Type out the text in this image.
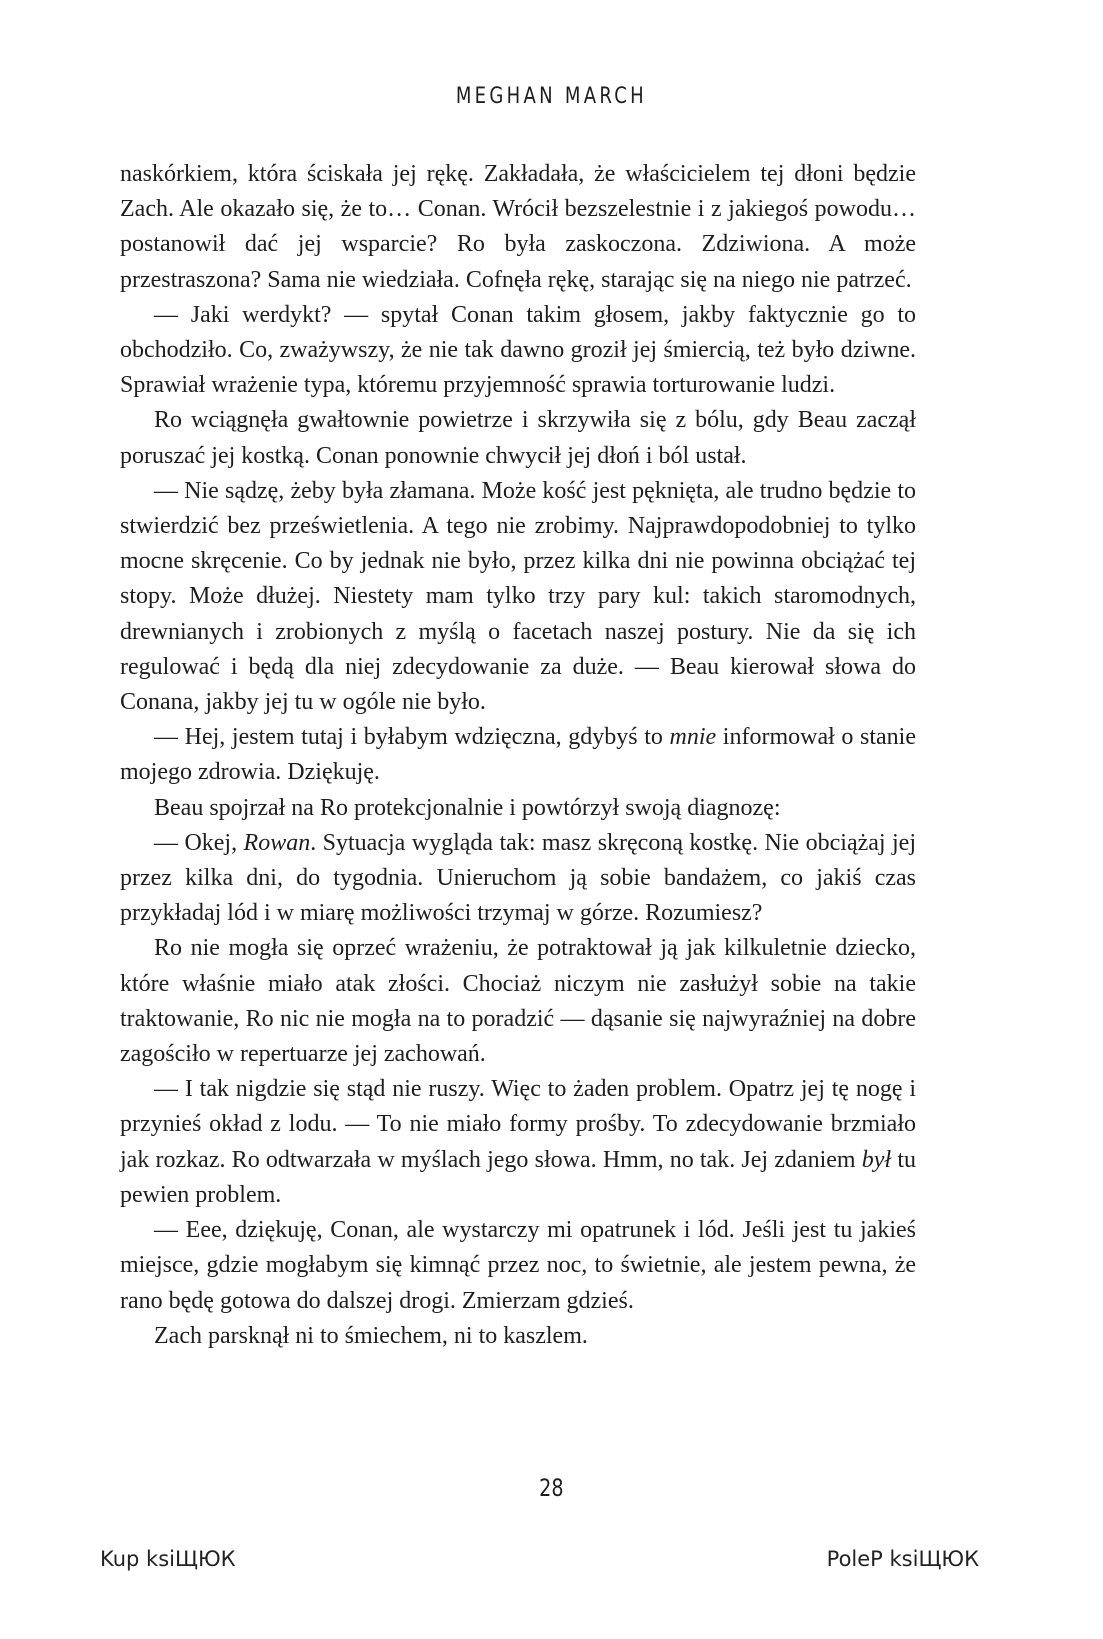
MEGHAN MARCH

naskórkiem, która ściskała jej rękę. Zakładała, że właścicielem tej dłoni będzie Zach. Ale okazało się, że to… Conan. Wrócił bezszelestnie i z jakiegoś powodu… postanowił dać jej wsparcie? Ro była zaskoczona. Zdziwiona. A może przestraszona? Sama nie wiedziała. Cofnęła rękę, starając się na niego nie patrzeć.

— Jaki werdykt? — spytał Conan takim głosem, jakby faktycznie go to obchodziło. Co, zważywszy, że nie tak dawno groził jej śmiercią, też było dziwne. Sprawiał wrażenie typa, któremu przyjemność sprawia torturowanie ludzi.

Ro wciągnęła gwałtownie powietrze i skrzywiła się z bólu, gdy Beau zaczął poruszać jej kostką. Conan ponownie chwycił jej dłoń i ból ustał.

— Nie sądzę, żeby była złamana. Może kość jest pęknięta, ale trudno będzie to stwierdzić bez prześwietlenia. A tego nie zrobimy. Najprawdopodobniej to tylko mocne skręcenie. Co by jednak nie było, przez kilka dni nie powinna obciążać tej stopy. Może dłużej. Niestety mam tylko trzy pary kul: takich staromodnych, drewnianych i zrobionych z myślą o facetach naszej postury. Nie da się ich regulować i będą dla niej zdecydowanie za duże. — Beau kierował słowa do Conana, jakby jej tu w ogóle nie było.

— Hej, jestem tutaj i byłabym wdzięczna, gdybyś to mnie informował o stanie mojego zdrowia. Dziękuję.

Beau spojrzał na Ro protekcjonalnie i powtórzył swoją diagnozę:

— Okej, Rowan. Sytuacja wygląda tak: masz skręconą kostkę. Nie obciążaj jej przez kilka dni, do tygodnia. Unieruchom ją sobie bandażem, co jakiś czas przykładaj lód i w miarę możliwości trzymaj w górze. Rozumiesz?

Ro nie mogła się oprzeć wrażeniu, że potraktował ją jak kilkuletnie dziecko, które właśnie miało atak złości. Chociaż niczym nie zasłużył sobie na takie traktowanie, Ro nic nie mogła na to poradzić — dąsanie się najwyraźniej na dobre zagościło w repertuarze jej zachowań.

— I tak nigdzie się stąd nie ruszy. Więc to żaden problem. Opatrz jej tę nogę i przynieś okład z lodu. — To nie miało formy prośby. To zdecydowanie brzmiało jak rozkaz. Ro odtwarzała w myślach jego słowa. Hmm, no tak. Jej zdaniem był tu pewien problem.

— Eee, dziękuję, Conan, ale wystarczy mi opatrunek i lód. Jeśli jest tu jakieś miejsce, gdzie mogłabym się kimnąć przez noc, to świetnie, ale jestem pewna, że rano będę gotowa do dalszej drogi. Zmierzam gdzieś.

Zach parsknął ni to śmiechem, ni to kaszlem.

28
Kup ksiЩЮК	PoleР ksiЩЮК
